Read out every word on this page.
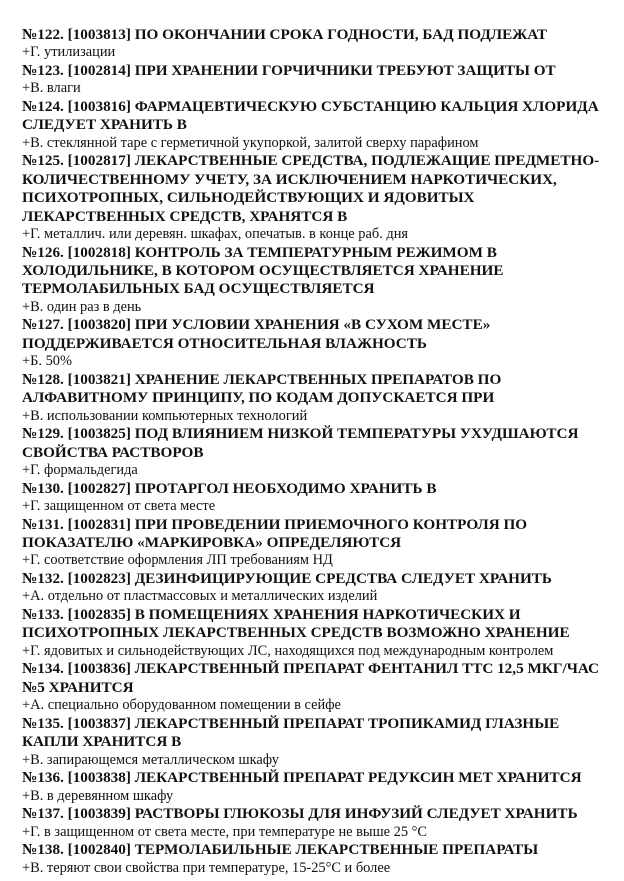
№122. [1003813] ПО ОКОНЧАНИИ СРОКА ГОДНОСТИ, БАД ПОДЛЕЖАТ
+Г. утилизации
№123. [1002814] ПРИ ХРАНЕНИИ ГОРЧИЧНИКИ ТРЕБУЮТ ЗАЩИТЫ ОТ
+В. влаги
№124. [1003816] ФАРМАЦЕВТИЧЕСКУЮ СУБСТАНЦИЮ КАЛЬЦИЯ ХЛОРИДА СЛЕДУЕТ ХРАНИТЬ В
+В. стеклянной таре с герметичной укупоркой, залитой сверху парафином
№125. [1002817] ЛЕКАРСТВЕННЫЕ СРЕДСТВА, ПОДЛЕЖАЩИЕ ПРЕДМЕТНО- КОЛИЧЕСТВЕННОМУ УЧЕТУ, ЗА ИСКЛЮЧЕНИЕМ НАРКОТИЧЕСКИХ, ПСИХОТРОПНЫХ, СИЛЬНОДЕЙСТВУЮЩИХ И ЯДОВИТЫХ ЛЕКАРСТВЕННЫХ СРЕДСТВ, ХРАНЯТСЯ В
+Г. металлич. или деревян. шкафах, опечатыв. в конце раб. дня
№126. [1002818] КОНТРОЛЬ ЗА ТЕМПЕРАТУРНЫМ РЕЖИМОМ В ХОЛОДИЛЬНИКЕ, В КОТОРОМ ОСУЩЕСТВЛЯЕТСЯ ХРАНЕНИЕ ТЕРМОЛАБИЛЬНЫХ БАД ОСУЩЕСТВЛЯЕТСЯ
+В. один раз в день
№127. [1003820] ПРИ УСЛОВИИ ХРАНЕНИЯ «В СУХОМ МЕСТЕ» ПОДДЕРЖИВАЕТСЯ ОТНОСИТЕЛЬНАЯ ВЛАЖНОСТЬ
+Б. 50%
№128. [1003821] ХРАНЕНИЕ ЛЕКАРСТВЕННЫХ ПРЕПАРАТОВ ПО АЛФАВИТНОМУ ПРИНЦИПУ, ПО КОДАМ ДОПУСКАЕТСЯ ПРИ
+В. использовании компьютерных технологий
№129. [1003825] ПОД ВЛИЯНИЕМ НИЗКОЙ ТЕМПЕРАТУРЫ УХУДШАЮТСЯ СВОЙСТВА РАСТВОРОВ
+Г. формальдегида
№130. [1002827] ПРОТАРГОЛ НЕОБХОДИМО ХРАНИТЬ В
+Г. защищенном от света месте
№131. [1002831] ПРИ ПРОВЕДЕНИИ ПРИЕМОЧНОГО КОНТРОЛЯ ПО ПОКАЗАТЕЛЮ «МАРКИРОВКА» ОПРЕДЕЛЯЮТСЯ
+Г. соответствие оформления ЛП требованиям НД
№132. [1002823] ДЕЗИНФИЦИРУЮЩИЕ СРЕДСТВА СЛЕДУЕТ ХРАНИТЬ
+А. отдельно от пластмассовых и металлических изделий
№133. [1002835] В ПОМЕЩЕНИЯХ ХРАНЕНИЯ НАРКОТИЧЕСКИХ И ПСИХОТРОПНЫХ ЛЕКАРСТВЕННЫХ СРЕДСТВ ВОЗМОЖНО ХРАНЕНИЕ
+Г. ядовитых и сильнодействующих ЛС, находящихся под международным контролем
№134. [1003836] ЛЕКАРСТВЕННЫЙ ПРЕПАРАТ ФЕНТАНИЛ ТТС 12,5 МКГ/ЧАС №5 ХРАНИТСЯ
+А. специально оборудованном помещении в сейфе
№135. [1003837] ЛЕКАРСТВЕННЫЙ ПРЕПАРАТ ТРОПИКАМИД ГЛАЗНЫЕ КАПЛИ ХРАНИТСЯ В
+В. запирающемся металлическом шкафу
№136. [1003838] ЛЕКАРСТВЕННЫЙ ПРЕПАРАТ РЕДУКСИН МЕТ ХРАНИТСЯ
+В. в деревянном шкафу
№137. [1003839] РАСТВОРЫ ГЛЮКОЗЫ ДЛЯ ИНФУЗИЙ СЛЕДУЕТ ХРАНИТЬ
+Г. в защищенном от света месте, при температуре не выше 25 °С
№138. [1002840] ТЕРМОЛАБИЛЬНЫЕ ЛЕКАРСТВЕННЫЕ ПРЕПАРАТЫ
+В. теряют свои свойства при температуре, 15-25°С и более
